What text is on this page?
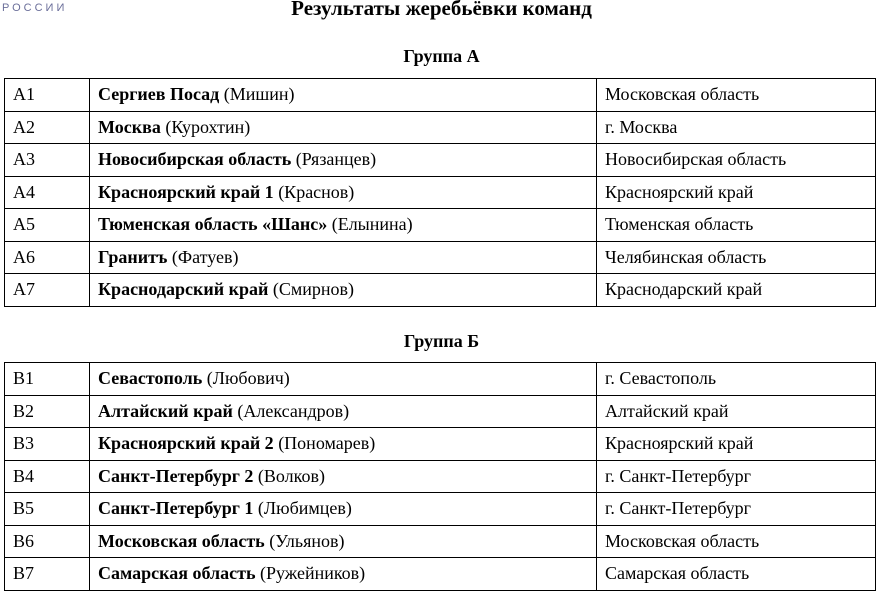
РОССИИ	Результаты жеребьёвки команд
Группа А
А1	Сергиев Посад (Мишин)	Московская область
А2	Москва (Курохтин)	г. Москва
А3	Новосибирская область (Рязанцев)	Новосибирская область
А4	Красноярский край 1 (Краснов)	Красноярский край
А5	Тюменская область «Шанс» (Елынина)	Тюменская область
А6	Гранитъ (Фатуев)	Челябинская область
А7	Краснодарский край (Смирнов)	Краснодарский край
Группа Б
В1	Севастополь (Любович)	г. Севастополь
В2	Алтайский край (Александров)	Алтайский край
В3	Красноярский край 2 (Пономарев)	Красноярский край
В4	Санкт-Петербург 2 (Волков)	г. Санкт-Петербург
В5	Санкт-Петербург 1 (Любимцев)	г. Санкт-Петербург
В6	Московская область (Ульянов)	Московская область
В7	Самарская область (Ружейников)	Самарская область
